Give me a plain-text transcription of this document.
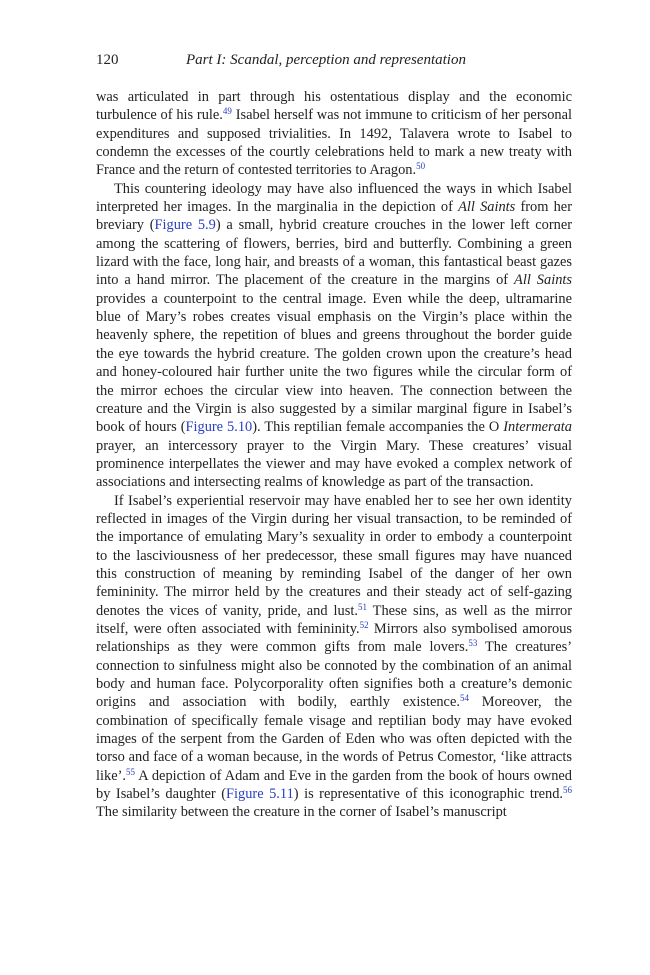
120	Part I: Scandal, perception and representation

was articulated in part through his ostentatious display and the economic turbulence of his rule.$^{49}$ Isabel herself was not immune to criticism of her personal expenditures and supposed trivialities. In 1492, Talavera wrote to Isabel to condemn the excesses of the courtly celebrations held to mark a new treaty with France and the return of contested territories to Aragon.$^{50}$

This countering ideology may have also influenced the ways in which Isabel interpreted her images. In the marginalia in the depiction of All Saints from her breviary (Figure 5.9) a small, hybrid creature crouches in the lower left corner among the scattering of flowers, berries, bird and butterfly. Combining a green lizard with the face, long hair, and breasts of a woman, this fantastical beast gazes into a hand mirror. The placement of the creature in the margins of All Saints provides a counterpoint to the central image. Even while the deep, ultramarine blue of Mary’s robes creates visual emphasis on the Virgin’s place within the heavenly sphere, the repetition of blues and greens throughout the border guide the eye towards the hybrid creature. The golden crown upon the creature’s head and honey-coloured hair further unite the two figures while the circular form of the mirror echoes the circular view into heaven. The connection between the creature and the Virgin is also suggested by a similar marginal figure in Isabel’s book of hours (Figure 5.10). This reptilian female accompanies the O Intermerata prayer, an intercessory prayer to the Virgin Mary. These creatures’ visual prominence interpellates the viewer and may have evoked a complex network of associations and intersecting realms of knowledge as part of the transaction.

If Isabel’s experiential reservoir may have enabled her to see her own identity reflected in images of the Virgin during her visual transaction, to be reminded of the importance of emulating Mary’s sexuality in order to embody a counterpoint to the lasciviousness of her predecessor, these small figures may have nuanced this construction of meaning by reminding Isabel of the danger of her own femininity. The mirror held by the creatures and their steady act of self-gazing denotes the vices of vanity, pride, and lust.$^{51}$ These sins, as well as the mirror itself, were often associated with femininity.$^{52}$ Mirrors also symbolised amorous relationships as they were common gifts from male lovers.$^{53}$ The creatures’ connection to sinfulness might also be connoted by the combination of an animal body and human face. Polycorporality often signifies both a creature’s demonic origins and association with bodily, earthly existence.$^{54}$ Moreover, the combination of specifically female visage and reptilian body may have evoked images of the serpent from the Garden of Eden who was often depicted with the torso and face of a woman because, in the words of Petrus Comestor, ‘like attracts like’.$^{55}$ A depiction of Adam and Eve in the garden from the book of hours owned by Isabel’s daughter (Figure 5.11) is representative of this iconographic trend.$^{56}$ The similarity between the creature in the corner of Isabel’s manuscript
